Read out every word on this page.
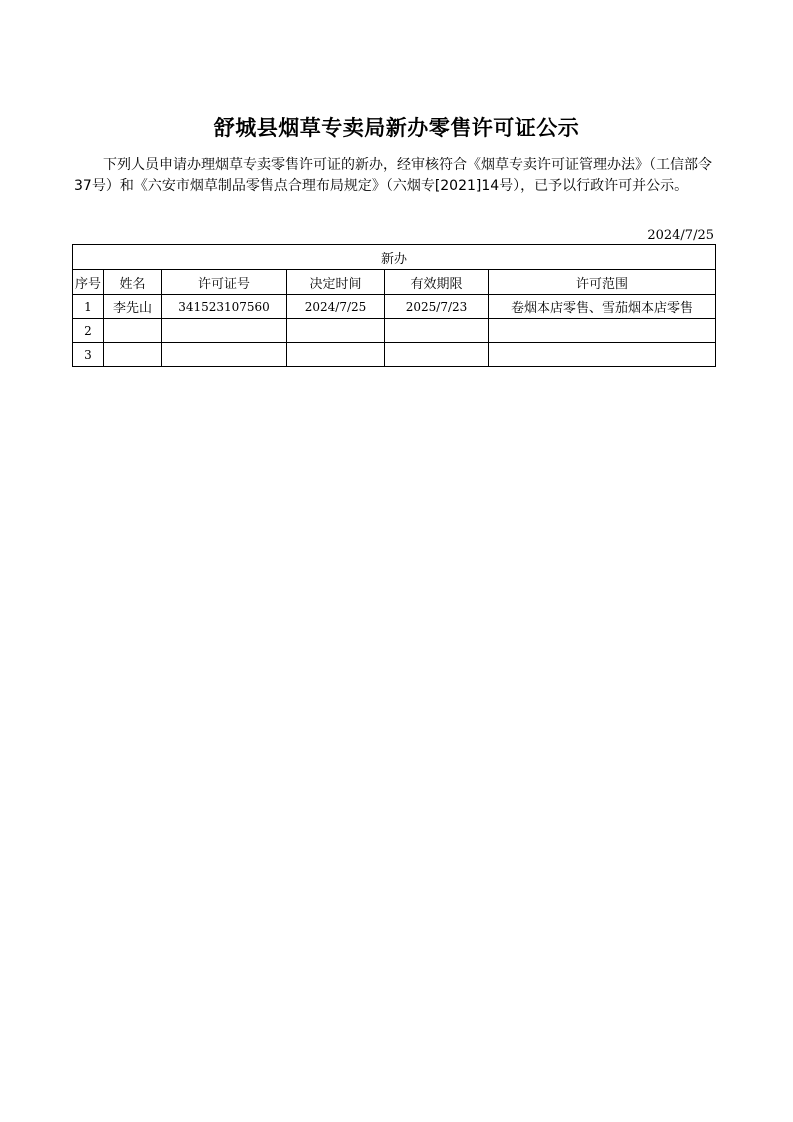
舒城县烟草专卖局新办零售许可证公示

下列人员申请办理烟草专卖零售许可证的新办，经审核符合《烟草专卖许可证管理办法》（工信部令37号）和《六安市烟草制品零售点合理布局规定》（六烟专[2021]14号），已予以行政许可并公示。

2024/7/25
新办					
序号	姓名	许可证号	决定时间	有效期限	许可范围
1	李先山	341523107560	2024/7/25	2025/7/23	卷烟本店零售、雪茄烟本店零售
2					
3					
